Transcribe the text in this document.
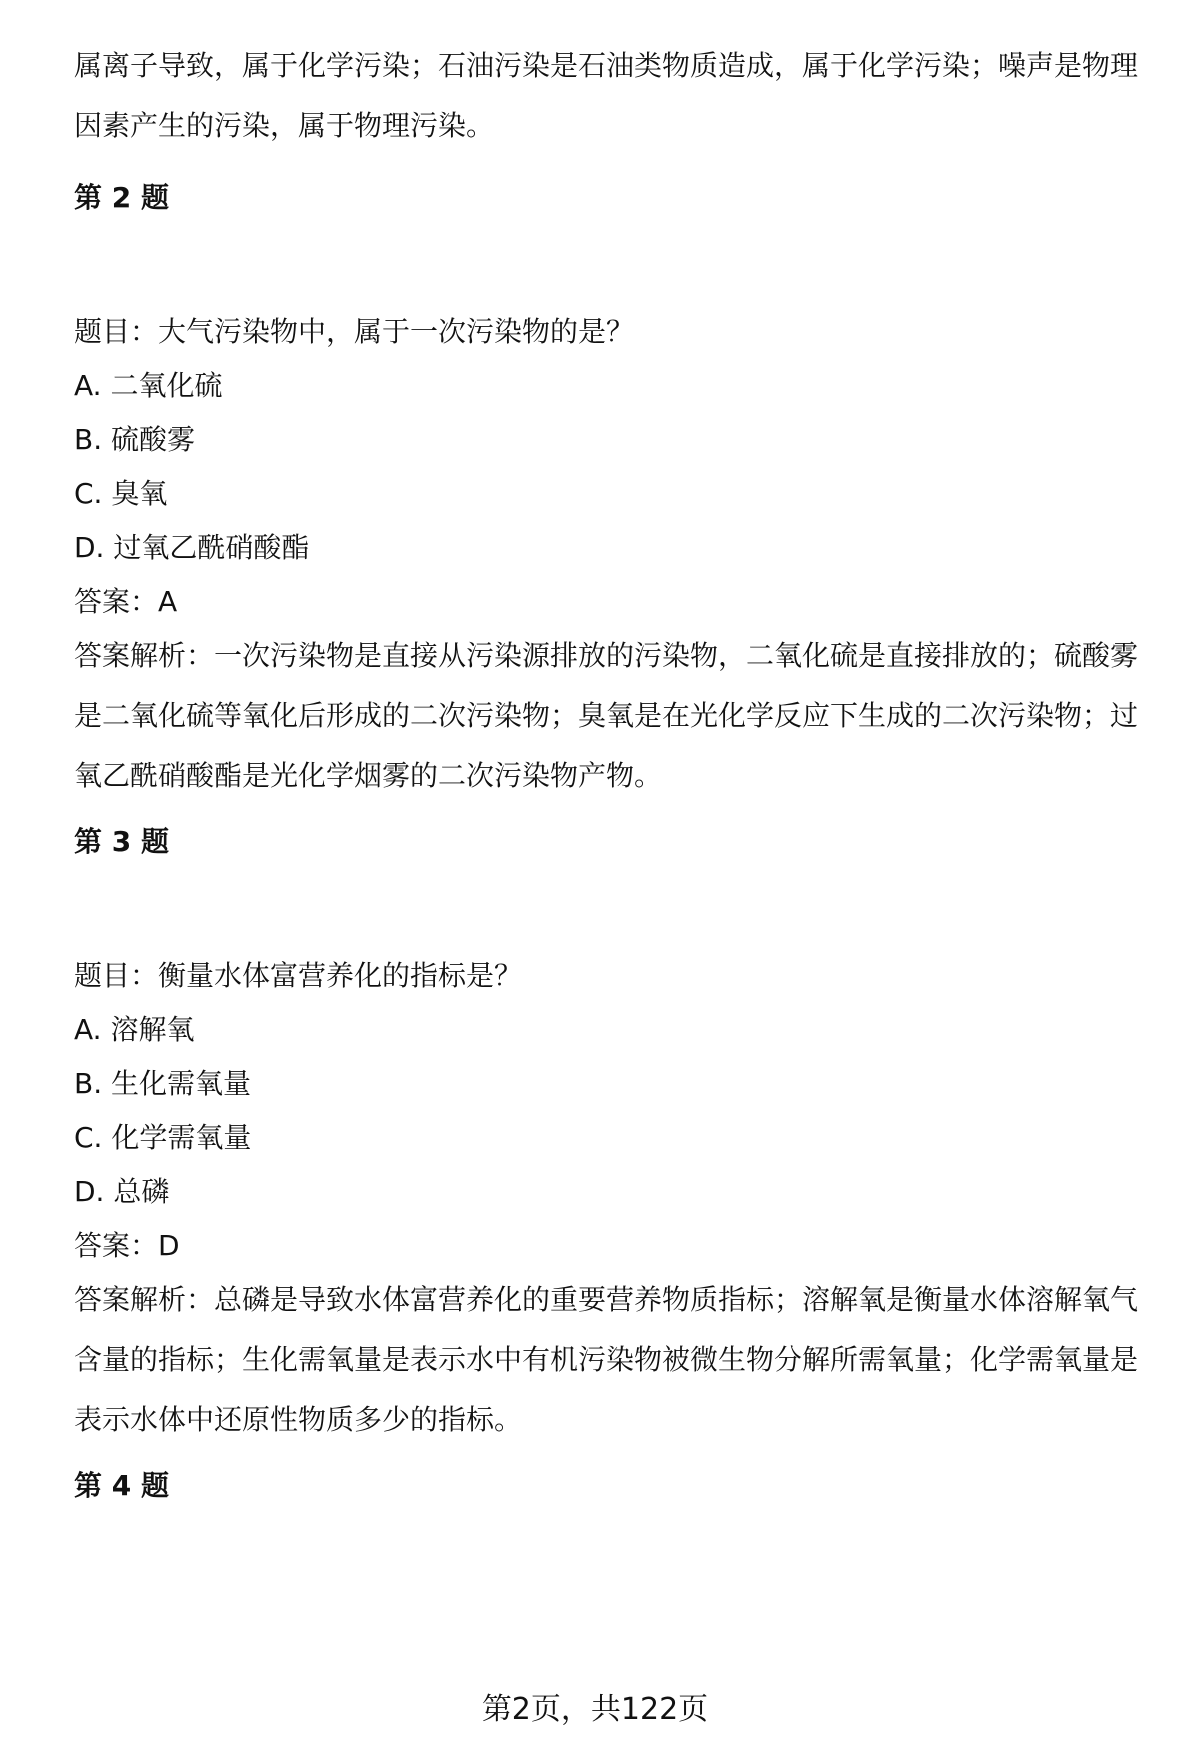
属离子导致，属于化学污染；石油污染是石油类物质造成，属于化学污染；噪声是物理因素产生的污染，属于物理污染。

第 2 题

题目：大气污染物中，属于一次污染物的是？

A. 二氧化硫

B. 硫酸雾

C. 臭氧

D. 过氧乙酰硝酸酯

答案：A

答案解析：一次污染物是直接从污染源排放的污染物，二氧化硫是直接排放的；硫酸雾是二氧化硫等氧化后形成的二次污染物；臭氧是在光化学反应下生成的二次污染物；过氧乙酰硝酸酯是光化学烟雾的二次污染物产物。

第 3 题

题目：衡量水体富营养化的指标是？

A. 溶解氧

B. 生化需氧量

C. 化学需氧量

D. 总磷

答案：D

答案解析：总磷是导致水体富营养化的重要营养物质指标；溶解氧是衡量水体溶解氧气含量的指标；生化需氧量是表示水中有机污染物被微生物分解所需氧量；化学需氧量是表示水体中还原性物质多少的指标。

第 4 题

第2页，共122页
